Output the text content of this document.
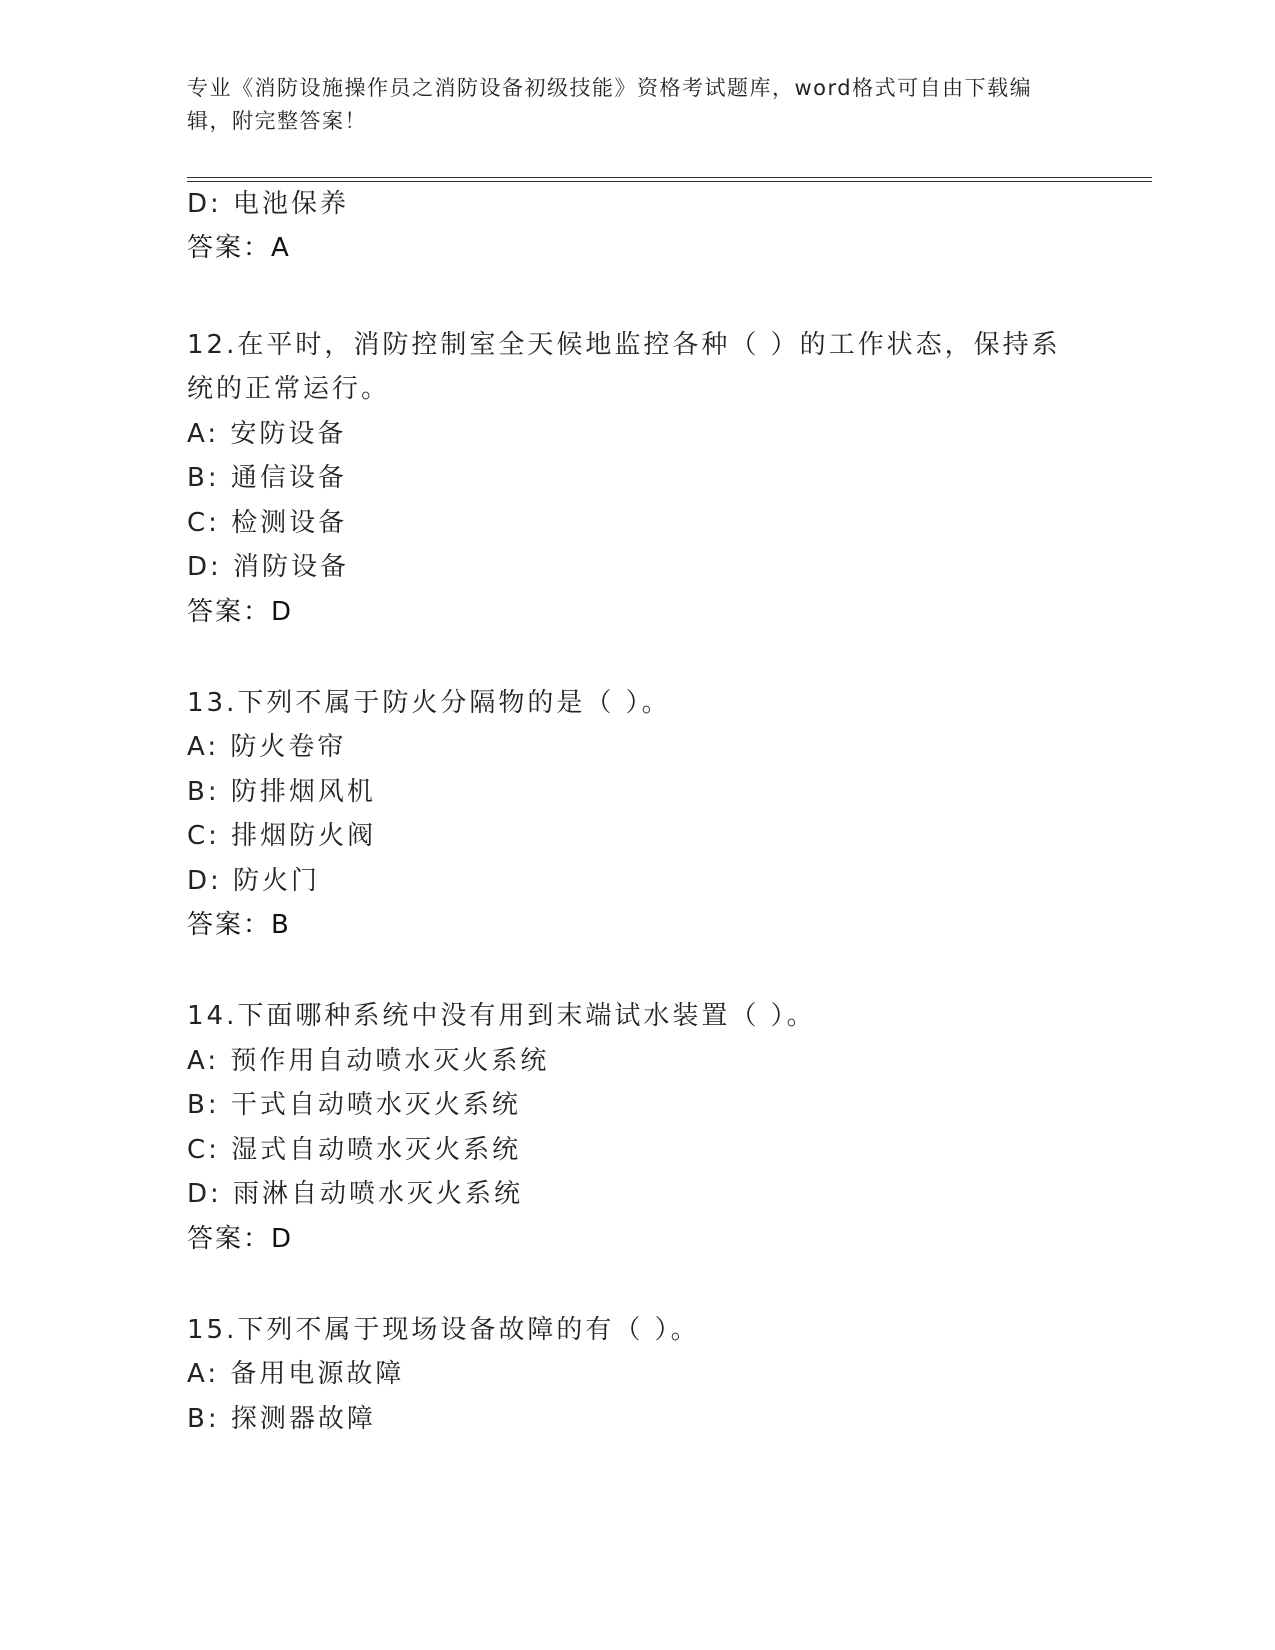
专业《消防设施操作员之消防设备初级技能》资格考试题库，word格式可自由下载编辑，附完整答案！

D: 电池保养

答案：A

12.在平时，消防控制室全天候地监控各种（ ）的工作状态，保持系

统的正常运行。

A: 安防设备

B: 通信设备

C: 检测设备

D: 消防设备

答案：D

13.下列不属于防火分隔物的是（ ）。

A: 防火卷帘

B: 防排烟风机

C: 排烟防火阀

D: 防火门

答案：B

14.下面哪种系统中没有用到末端试水装置（ ）。

A: 预作用自动喷水灭火系统

B: 干式自动喷水灭火系统

C: 湿式自动喷水灭火系统

D: 雨淋自动喷水灭火系统

答案：D

15.下列不属于现场设备故障的有（ ）。

A: 备用电源故障

B: 探测器故障
